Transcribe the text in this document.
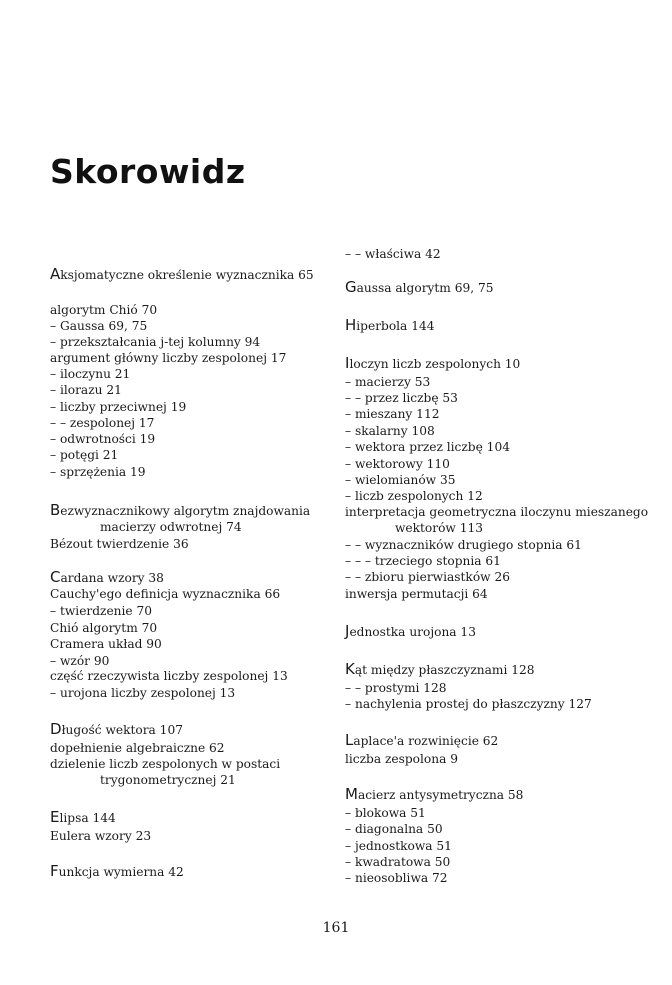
Skorowidz
Aksjomatyczne określenie wyznacznika 65
algorytm Chió 70
– Gaussa 69, 75
– przekształcania j-tej kolumny 94
argument główny liczby zespolonej 17
– iloczynu 21
– ilorazu 21
– liczby przeciwnej 19
– – zespolonej 17
– odwrotności 19
– potęgi 21
– sprzężenia 19
Bezwyznacznikowy algorytm znajdowania macierzy odwrotnej 74
Bézout twierdzenie 36
Cardana wzory 38
Cauchy'ego definicja wyznacznika 66
– twierdzenie 70
Chió algorytm 70
Cramera układ 90
– wzór 90
część rzeczywista liczby zespolonej 13
– urojona liczby zespolonej 13
Długość wektora 107
dopełnienie algebraiczne 62
dzielenie liczb zespolonych w postaci trygonometrycznej 21
Elipsa 144
Eulera wzory 23
Funkcja wymierna 42
– – właściwa 42
Gaussa algorytm 69, 75
Hiperbola 144
Iloczyn liczb zespolonych 10
– macierzy 53
– – przez liczbę 53
– mieszany 112
– skalarny 108
– wektora przez liczbę 104
– wektorowy 110
– wielomianów 35
– liczb zespolonych 12
interpretacja geometryczna iloczynu mieszanego wektorów 113
– – wyznaczników drugiego stopnia 61
– – – trzeciego stopnia 61
– – zbioru pierwiastków 26
inwersja permutacji 64
Jednostka urojona 13
Kąt między płaszczyznami 128
– – prostymi 128
– nachylenia prostej do płaszczyzny 127
Laplace'a rozwinięcie 62
liczba zespolona 9
Macierz antysymetryczna 58
– blokowa 51
– diagonalna 50
– jednostkowa 51
– kwadratowa 50
– nieosobliwa 72
161
